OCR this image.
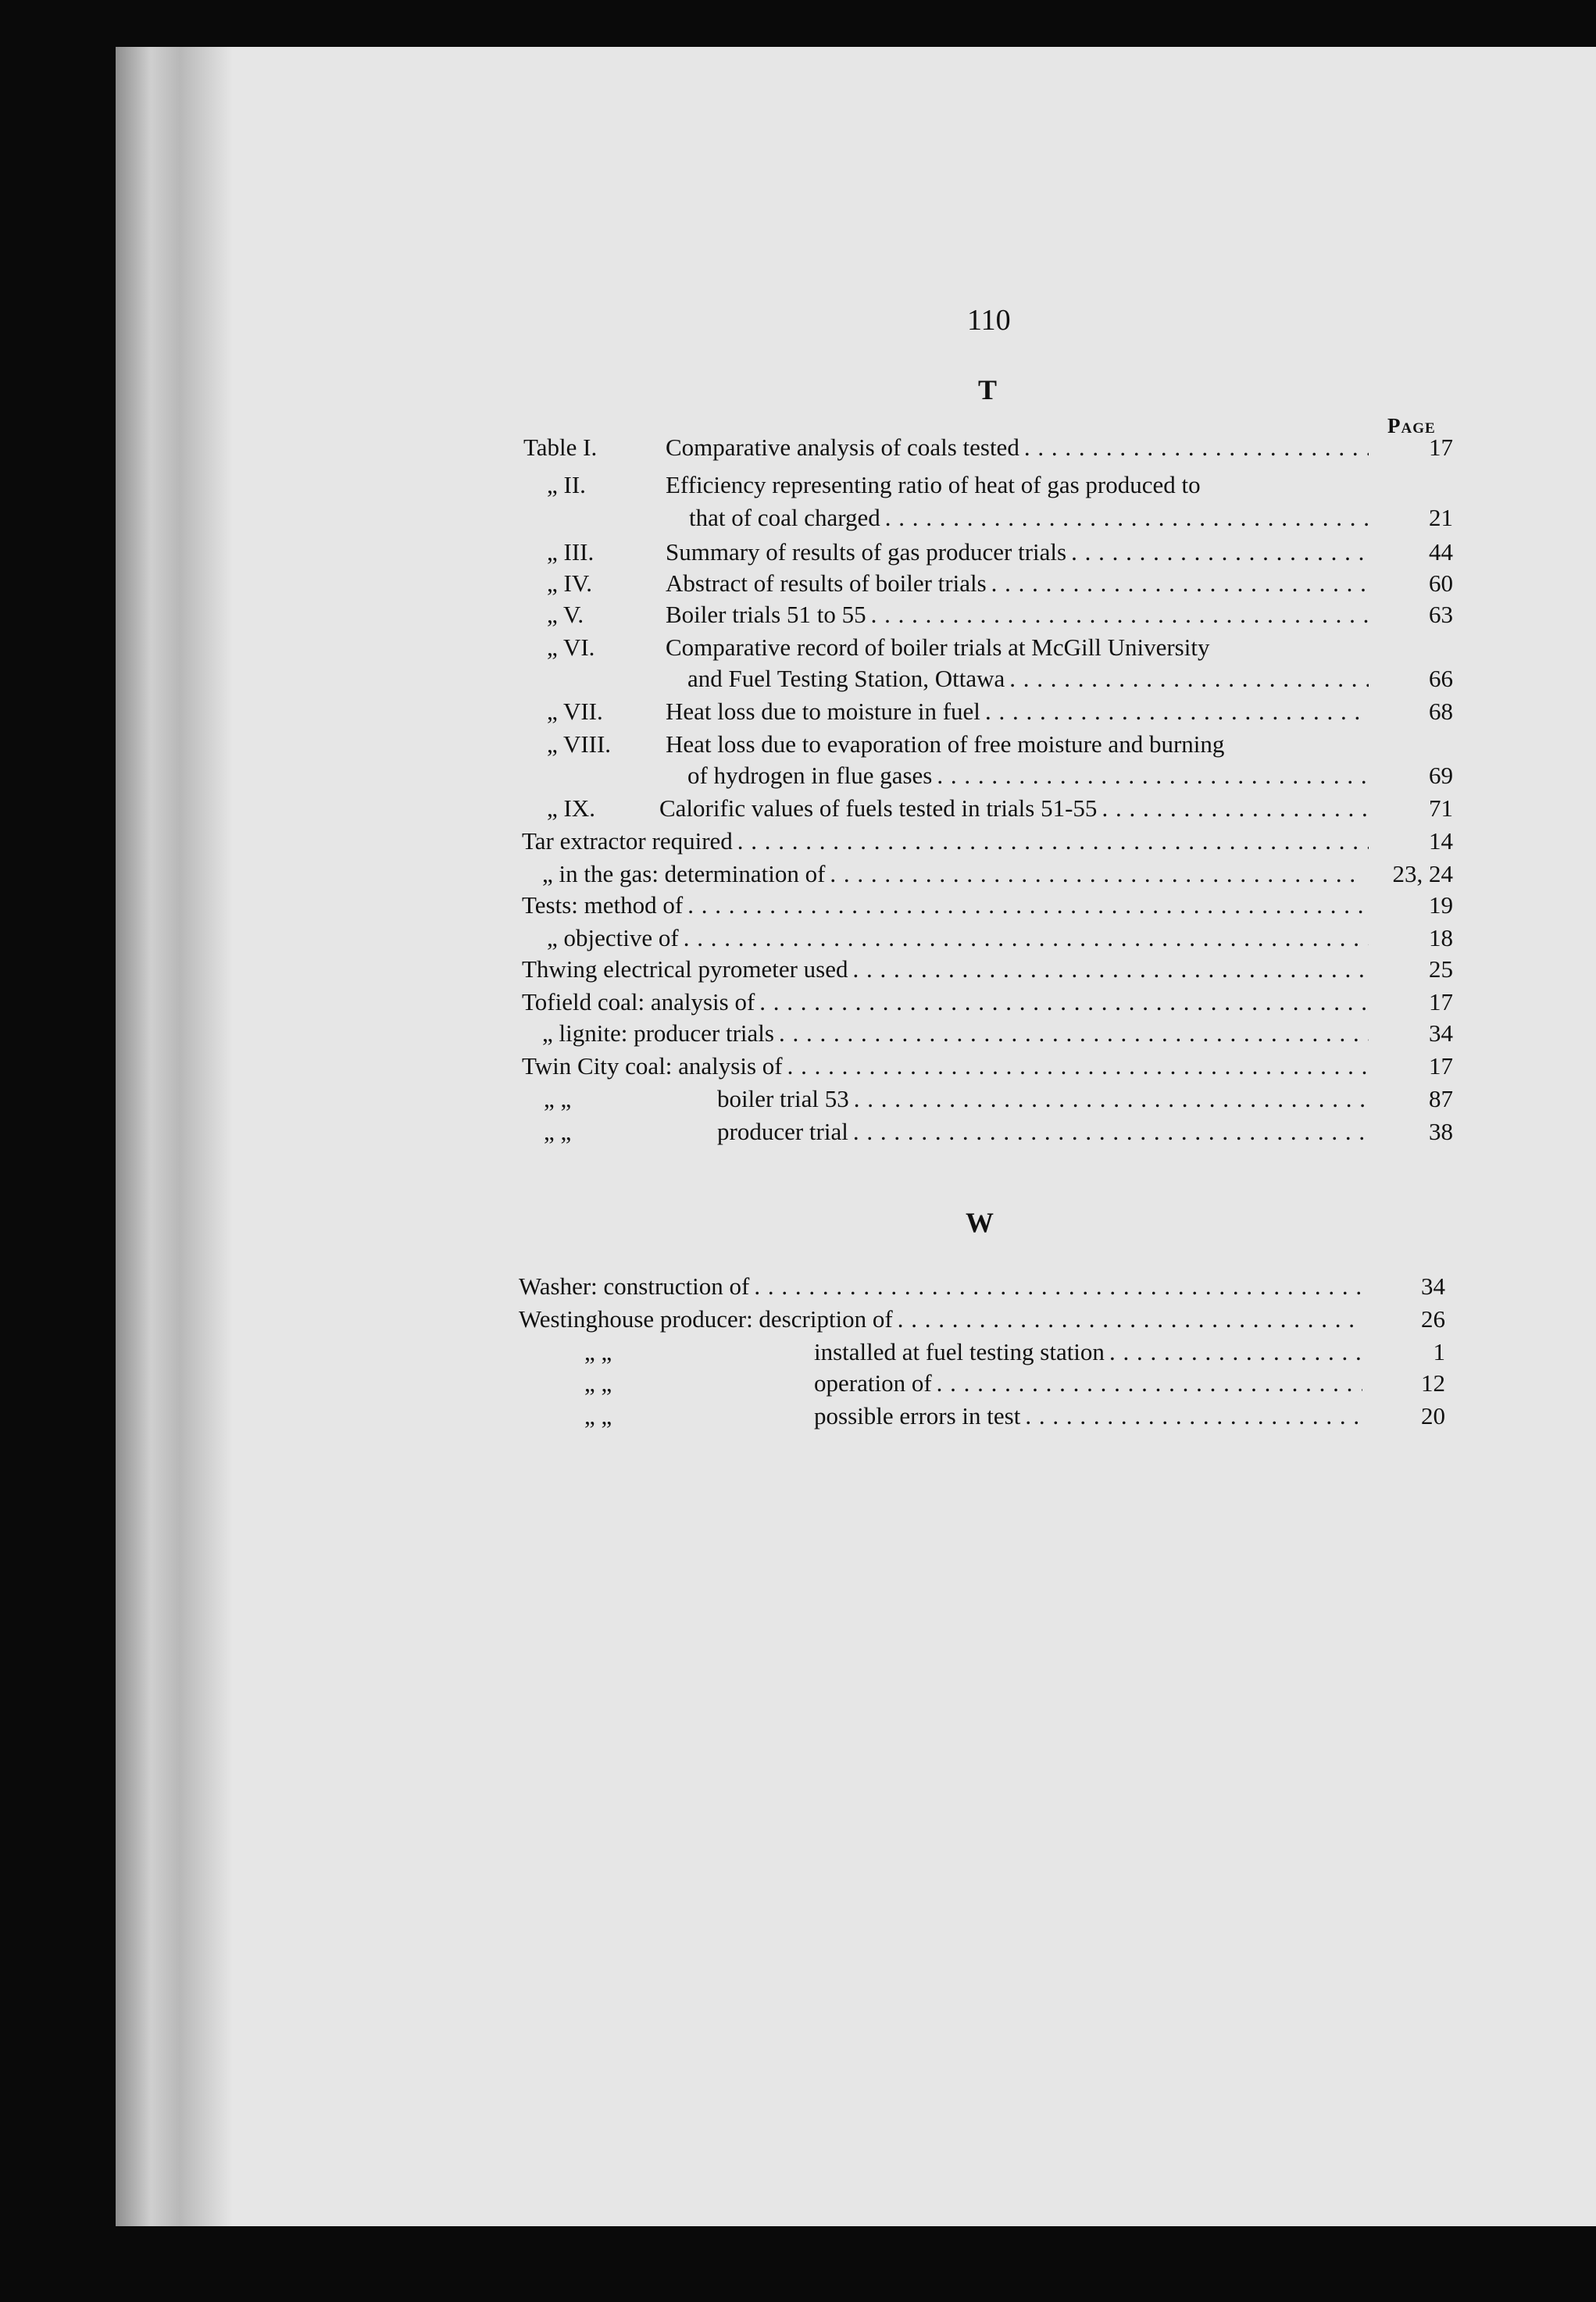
110
T
Page
Table I.	Comparative analysis of coals tested . . .	17
„ II.	Efficiency representing ratio of heat of gas produced to
that of coal charged . . .	21
„ III.	Summary of results of gas producer trials . . .	44
„ IV.	Abstract of results of boiler trials . . .	60
„ V.	Boiler trials 51 to 55 . . .	63
„ VI.	Comparative record of boiler trials at McGill University
and Fuel Testing Station, Ottawa . . .	66
„ VII.	Heat loss due to moisture in fuel . . .	68
„ VIII. Heat loss due to evaporation of free moisture and burning
of hydrogen in flue gases . . .	69
„ IX.	Calorific values of fuels tested in trials 51-55 . . .	71
Tar extractor required . . .	14
„ in the gas: determination of . . .	23, 24
Tests: method of . . .	19
„ objective of . . .	18
Thwing electrical pyrometer used . . .	25
Tofield coal: analysis of . . .	17
„ lignite: producer trials . . .	34
Twin City coal: analysis of . . .	17
„ „	boiler trial 53 . . .	87
„ „	producer trial . . .	38
W
Washer: construction of . . .	34
Westinghouse producer: description of . . .	26
„ „	installed at fuel testing station . . .	1
„ „	operation of . . .	12
„ „	possible errors in test . . .	20
